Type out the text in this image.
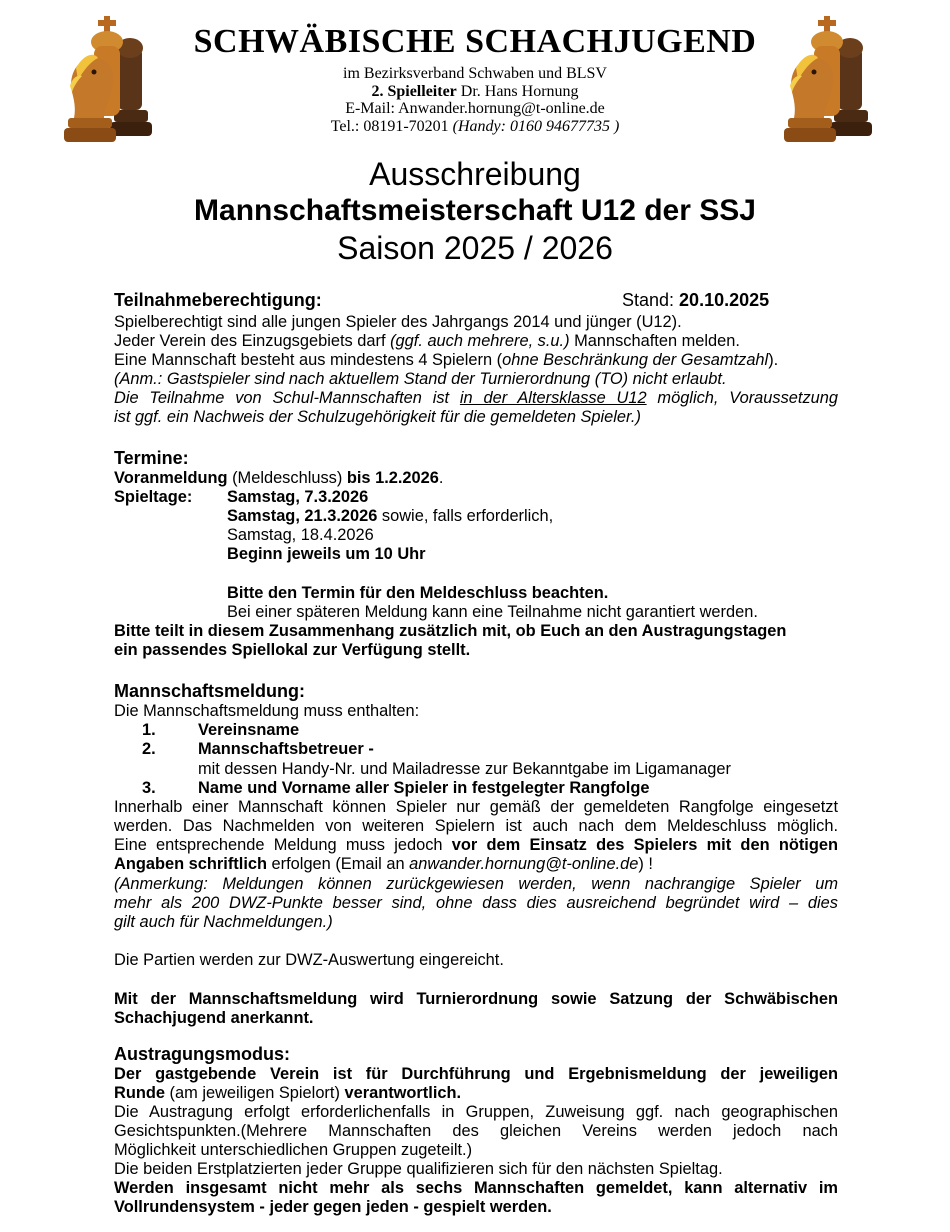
SCHWÄBISCHE SCHACHJUGEND
im Bezirksverband Schwaben und BLSV
2. Spielleiter Dr. Hans Hornung
E-Mail: Anwander.hornung@t-online.de
Tel.: 08191-70201 (Handy: 0160 94677735 )
Ausschreibung
Mannschaftsmeisterschaft U12 der SSJ
Saison 2025 / 2026
Teilnahmeberechtigung:	Stand: 20.10.2025
Spielberechtigt sind alle jungen Spieler des Jahrgangs 2014 und jünger (U12).
Jeder Verein des Einzugsgebiets darf (ggf. auch mehrere, s.u.) Mannschaften melden.
Eine Mannschaft besteht aus mindestens 4 Spielern (ohne Beschränkung der Gesamtzahl).
(Anm.: Gastspieler sind nach aktuellem Stand der Turnierordnung (TO) nicht erlaubt.
Die Teilnahme von Schul-Mannschaften ist in der Altersklasse U12 möglich, Voraussetzung
ist ggf. ein Nachweis der Schulzugehörigkeit für die gemeldeten Spieler.)
Termine:
Voranmeldung (Meldeschluss) bis 1.2.2026.
Spieltage: Samstag, 7.3.2026
Samstag, 21.3.2026 sowie, falls erforderlich,
Samstag, 18.4.2026
Beginn jeweils um 10 Uhr
Bitte den Termin für den Meldeschluss beachten.
Bei einer späteren Meldung kann eine Teilnahme nicht garantiert werden.
Bitte teilt in diesem Zusammenhang zusätzlich mit, ob Euch an den Austragungstagen
ein passendes Spiellokal zur Verfügung stellt.
Mannschaftsmeldung:
Die Mannschaftsmeldung muss enthalten:
1.	Vereinsname
2.	Mannschaftsbetreuer -
mit dessen Handy-Nr. und Mailadresse zur Bekanntgabe im Ligamanager
3.	Name und Vorname aller Spieler in festgelegter Rangfolge
Innerhalb einer Mannschaft können Spieler nur gemäß der gemeldeten Rangfolge eingesetzt
werden. Das Nachmelden von weiteren Spielern ist auch nach dem Meldeschluss möglich.
Eine entsprechende Meldung muss jedoch vor dem Einsatz des Spielers mit den nötigen
Angaben schriftlich erfolgen (Email an anwander.hornung@t-online.de) !
(Anmerkung: Meldungen können zurückgewiesen werden, wenn nachrangige Spieler um
mehr als 200 DWZ-Punkte besser sind, ohne dass dies ausreichend begründet wird – dies
gilt auch für Nachmeldungen.)
Die Partien werden zur DWZ-Auswertung eingereicht.
Mit der Mannschaftsmeldung wird Turnierordnung sowie Satzung der Schwäbischen
Schachjugend anerkannt.
Austragungsmodus:
Der gastgebende Verein ist für Durchführung und Ergebnismeldung der jeweiligen
Runde (am jeweiligen Spielort) verantwortlich.
Die Austragung erfolgt erforderlichenfalls in Gruppen, Zuweisung ggf. nach geographischen
Gesichtspunkten.(Mehrere Mannschaften des gleichen Vereins werden jedoch nach
Möglichkeit unterschiedlichen Gruppen zugeteilt.)
Die beiden Erstplatzierten jeder Gruppe qualifizieren sich für den nächsten Spieltag.
Werden insgesamt nicht mehr als sechs Mannschaften gemeldet, kann alternativ im
Vollrundensystem - jeder gegen jeden - gespielt werden.
